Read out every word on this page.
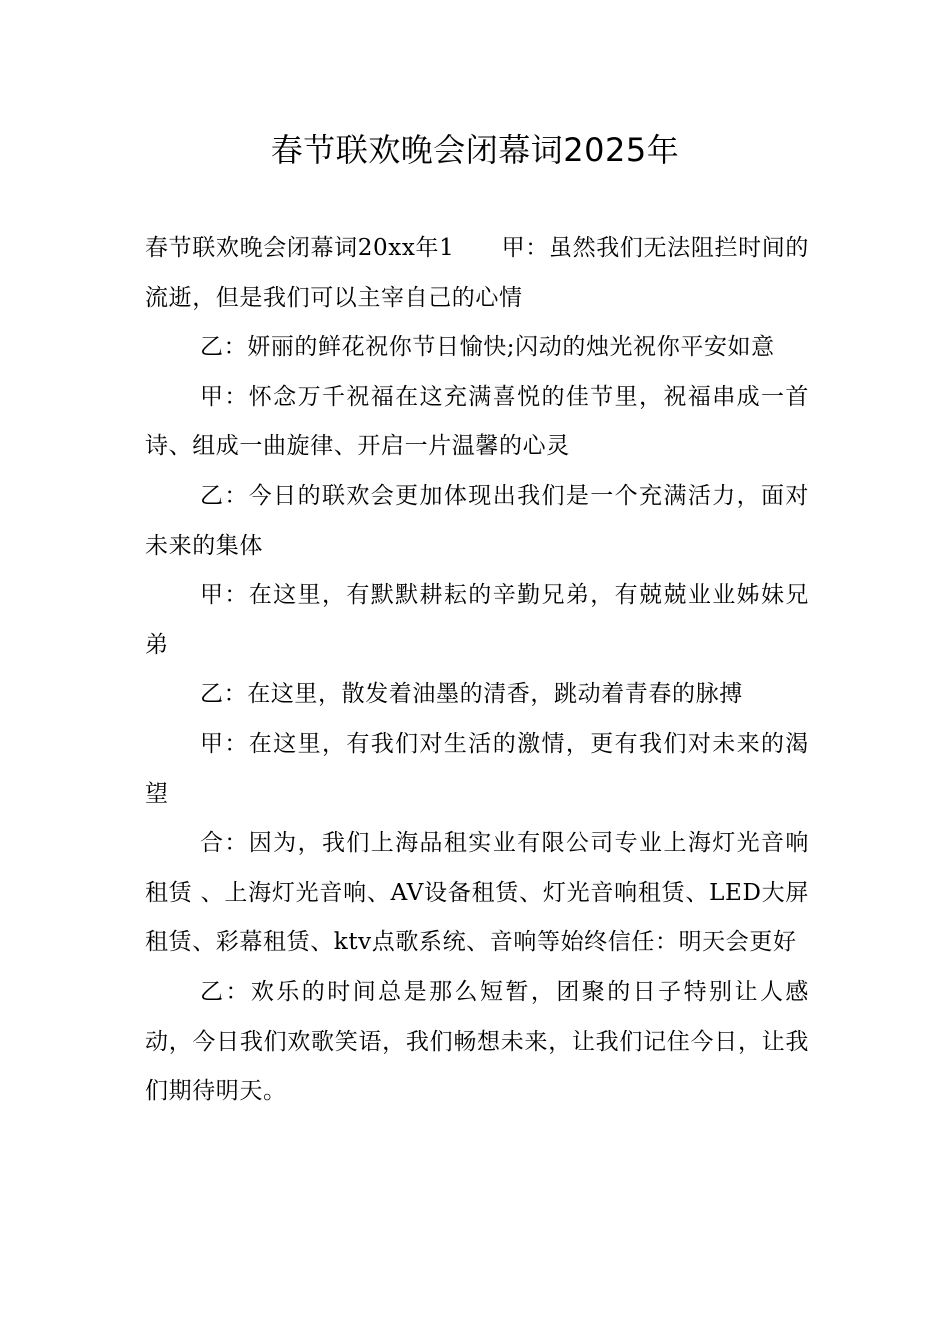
春节联欢晚会闭幕词2025年

春节联欢晚会闭幕词20xx年1　　甲：虽然我们无法阻拦时间的流逝，但是我们可以主宰自己的心情

乙：妍丽的鲜花祝你节日愉快;闪动的烛光祝你平安如意

甲：怀念万千祝福在这充满喜悦的佳节里，祝福串成一首诗、组成一曲旋律、开启一片温馨的心灵

乙：今日的联欢会更加体现出我们是一个充满活力，面对未来的集体

甲：在这里，有默默耕耘的辛勤兄弟，有兢兢业业姊妹兄弟

乙：在这里，散发着油墨的清香，跳动着青春的脉搏

甲：在这里，有我们对生活的激情，更有我们对未来的渴望

合：因为，我们上海品租实业有限公司专业上海灯光音响租赁 、上海灯光音响、AV设备租赁、灯光音响租赁、LED大屏租赁、彩幕租赁、ktv点歌系统、音响等始终信任：明天会更好

乙：欢乐的时间总是那么短暂，团聚的日子特别让人感动，今日我们欢歌笑语，我们畅想未来，让我们记住今日，让我们期待明天。
